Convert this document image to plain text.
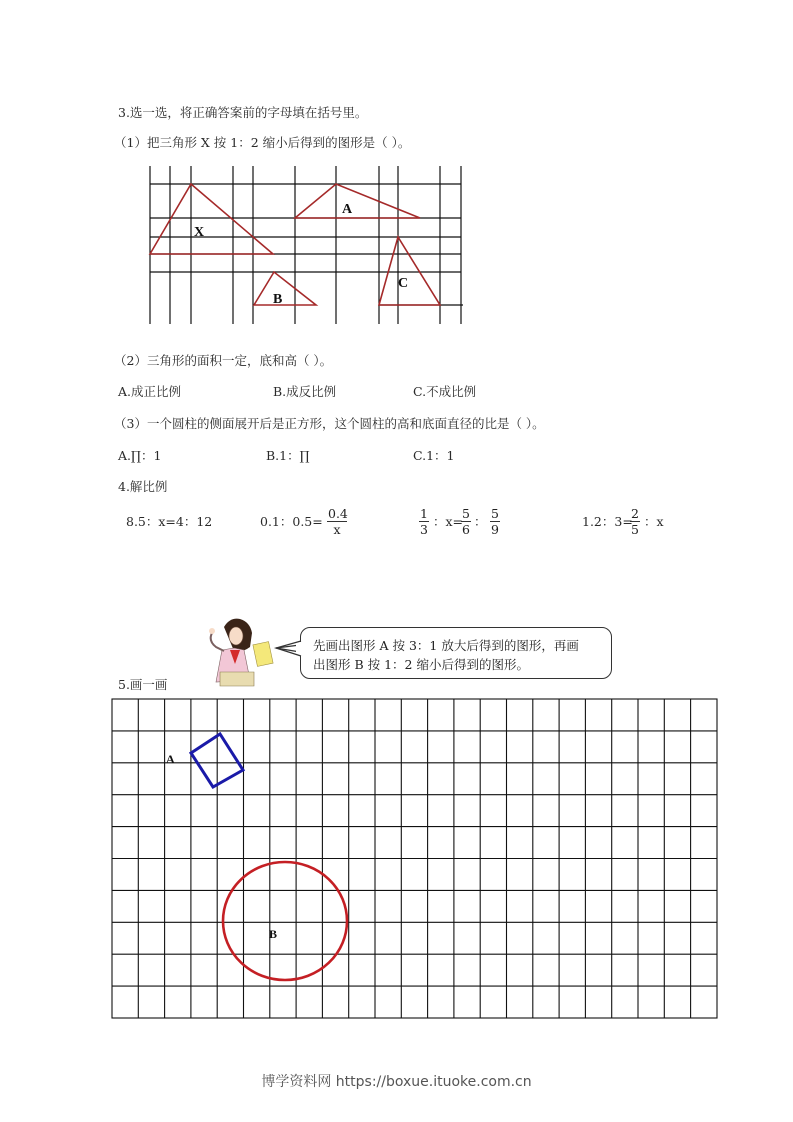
3.选一选，将正确答案前的字母填在括号里。
（1）把三角形 X 按 1：2 缩小后得到的图形是（ ）。
X
A
B
C
（2）三角形的面积一定，底和高（ ）。
A.成正比例	B.成反比例	C.不成比例
（3）一个圆柱的侧面展开后是正方形，这个圆柱的高和底面直径的比是（ ）。
A.∏：1	B.1：∏	C.1：1
4.解比例
8.5：x=4：12	0.1：$0.5= \frac{0.4}{x}$	$\frac{1}{3}$ ：x=
$\frac{5}{6}$ ： $\frac{5}{9}$	1.2：3=
$\frac{2}{5}$ ：x
先画出图形 A 按 3：1 放大后得到的图形，再画
出图形 B 按 1：2 缩小后得到的图形。
5.画一画
A
B
博学资料网 https://boxue.ituoke.com.cn
